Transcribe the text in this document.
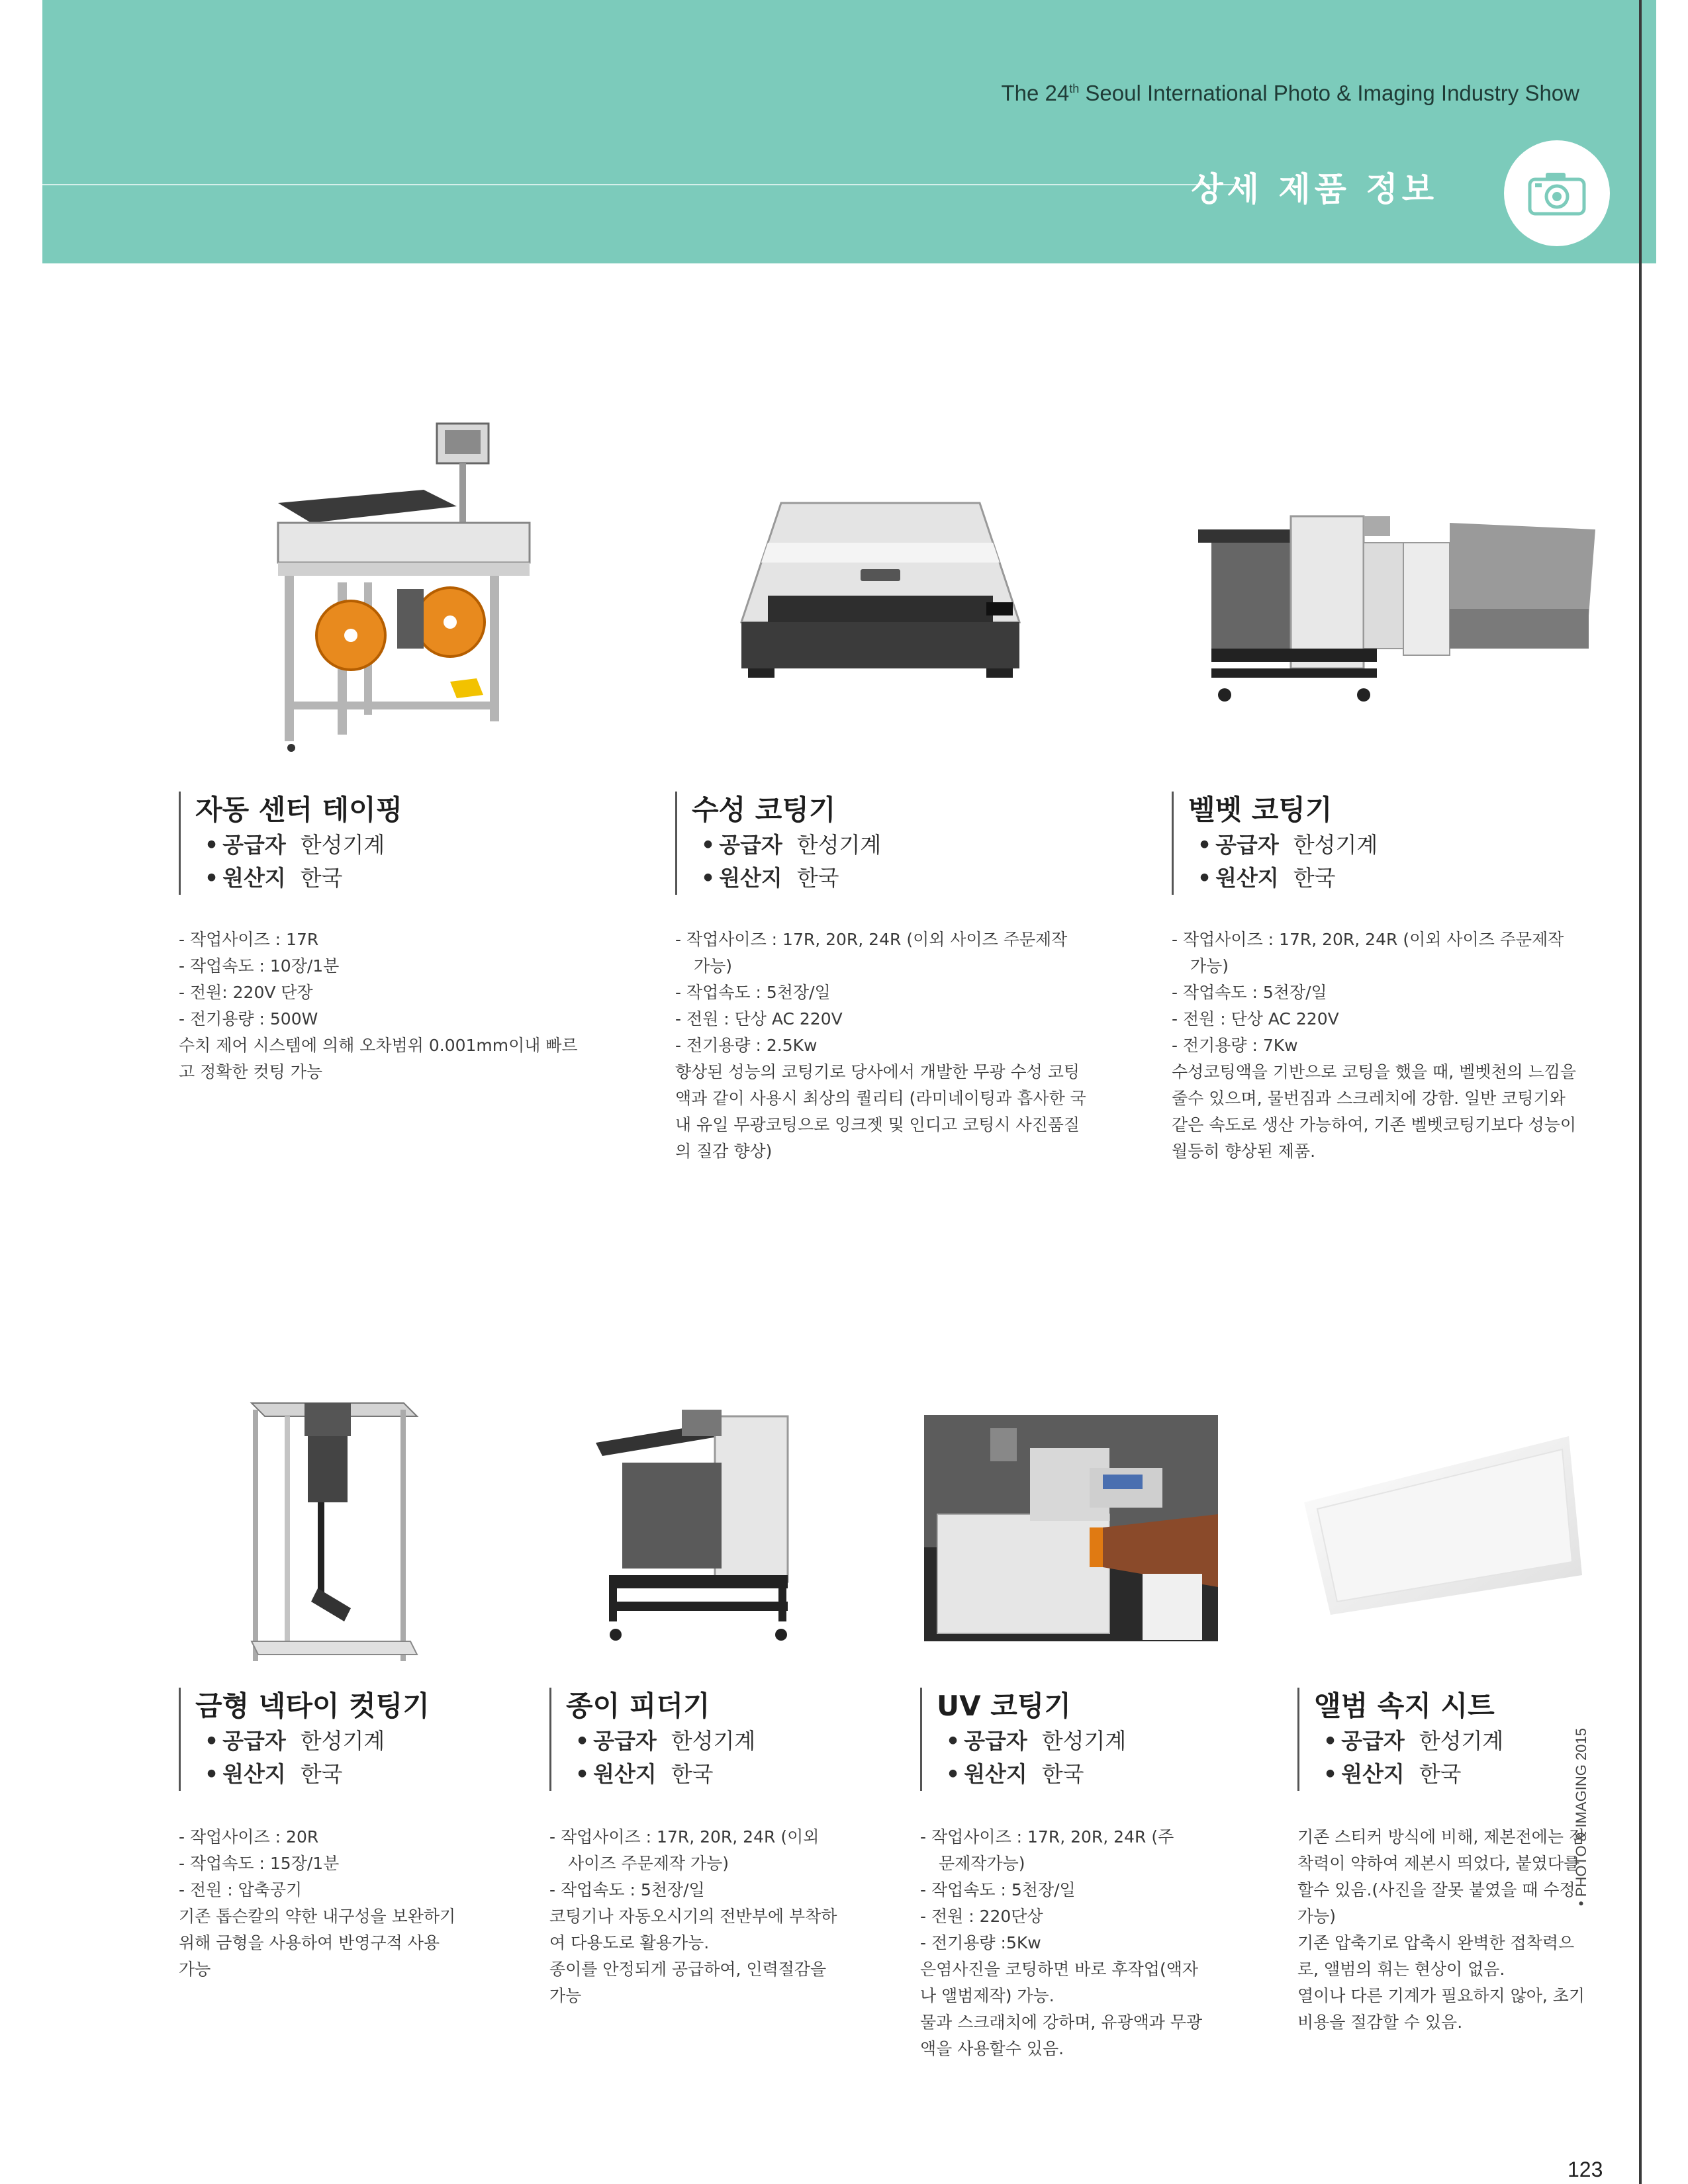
The 24th Seoul International Photo & Imaging Industry Show
상세 제품 정보
자동 센터 테이핑
• 공급자 한성기계
• 원산지 한국
- 작업사이즈 : 17R
- 작업속도 : 10장/1분
- 전원: 220V 단장
- 전기용량 : 500W
수치 제어 시스템에 의해 오차범위 0.001mm이내 빠르
고 정확한 컷팅 가능
수성 코팅기
• 공급자 한성기계
• 원산지 한국
- 작업사이즈 : 17R, 20R, 24R (이외 사이즈 주문제작
가능)
- 작업속도 : 5천장/일
- 전원 : 단상 AC 220V
- 전기용량 : 2.5Kw
향상된 성능의 코팅기로 당사에서 개발한 무광 수성 코팅
액과 같이 사용시 최상의 퀄리티 (라미네이팅과 흡사한 국
내 유일 무광코팅으로 잉크젯 및 인디고 코팅시 사진품질
의 질감 향상)
벨벳 코팅기
• 공급자 한성기계
• 원산지 한국
- 작업사이즈 : 17R, 20R, 24R (이외 사이즈 주문제작
가능)
- 작업속도 : 5천장/일
- 전원 : 단상 AC 220V
- 전기용량 : 7Kw
수성코팅액을 기반으로 코팅을 했을 때, 벨벳천의 느낌을
줄수 있으며, 물번짐과 스크레치에 강함. 일반 코팅기와
같은 속도로 생산 가능하여, 기존 벨벳코팅기보다 성능이
월등히 향상된 제품.
금형 넥타이 컷팅기
• 공급자 한성기계
• 원산지 한국
- 작업사이즈 : 20R
- 작업속도 : 15장/1분
- 전원 : 압축공기
기존 톱슨칼의 약한 내구성을 보완하기
위해 금형을 사용하여 반영구적 사용
가능
종이 피더기
• 공급자 한성기계
• 원산지 한국
- 작업사이즈 : 17R, 20R, 24R (이외
사이즈 주문제작 가능)
- 작업속도 : 5천장/일
코팅기나 자동오시기의 전반부에 부착하
여 다용도로 활용가능.
종이를 안정되게 공급하여, 인력절감을
가능
UV 코팅기
• 공급자 한성기계
• 원산지 한국
- 작업사이즈 : 17R, 20R, 24R (주
문제작가능)
- 작업속도 : 5천장/일
- 전원 : 220단상
- 전기용량 :5Kw
은염사진을 코팅하면 바로 후작업(액자
나 앨범제작) 가능.
물과 스크래치에 강하며, 유광액과 무광
액을 사용할수 있음.
앨범 속지 시트
• 공급자 한성기계
• 원산지 한국
기존 스티커 방식에 비해, 제본전에는 점
착력이 약하여 제본시 띄었다, 붙였다를
할수 있음.(사진을 잘못 붙였을 때 수정
가능)
기존 압축기로 압축시 완벽한 접착력으
로, 앨범의 휘는 현상이 없음.
열이나 다른 기계가 필요하지 않아, 초기
비용을 절감할 수 있음.
• PHOTO & IMAGING 2015
123
